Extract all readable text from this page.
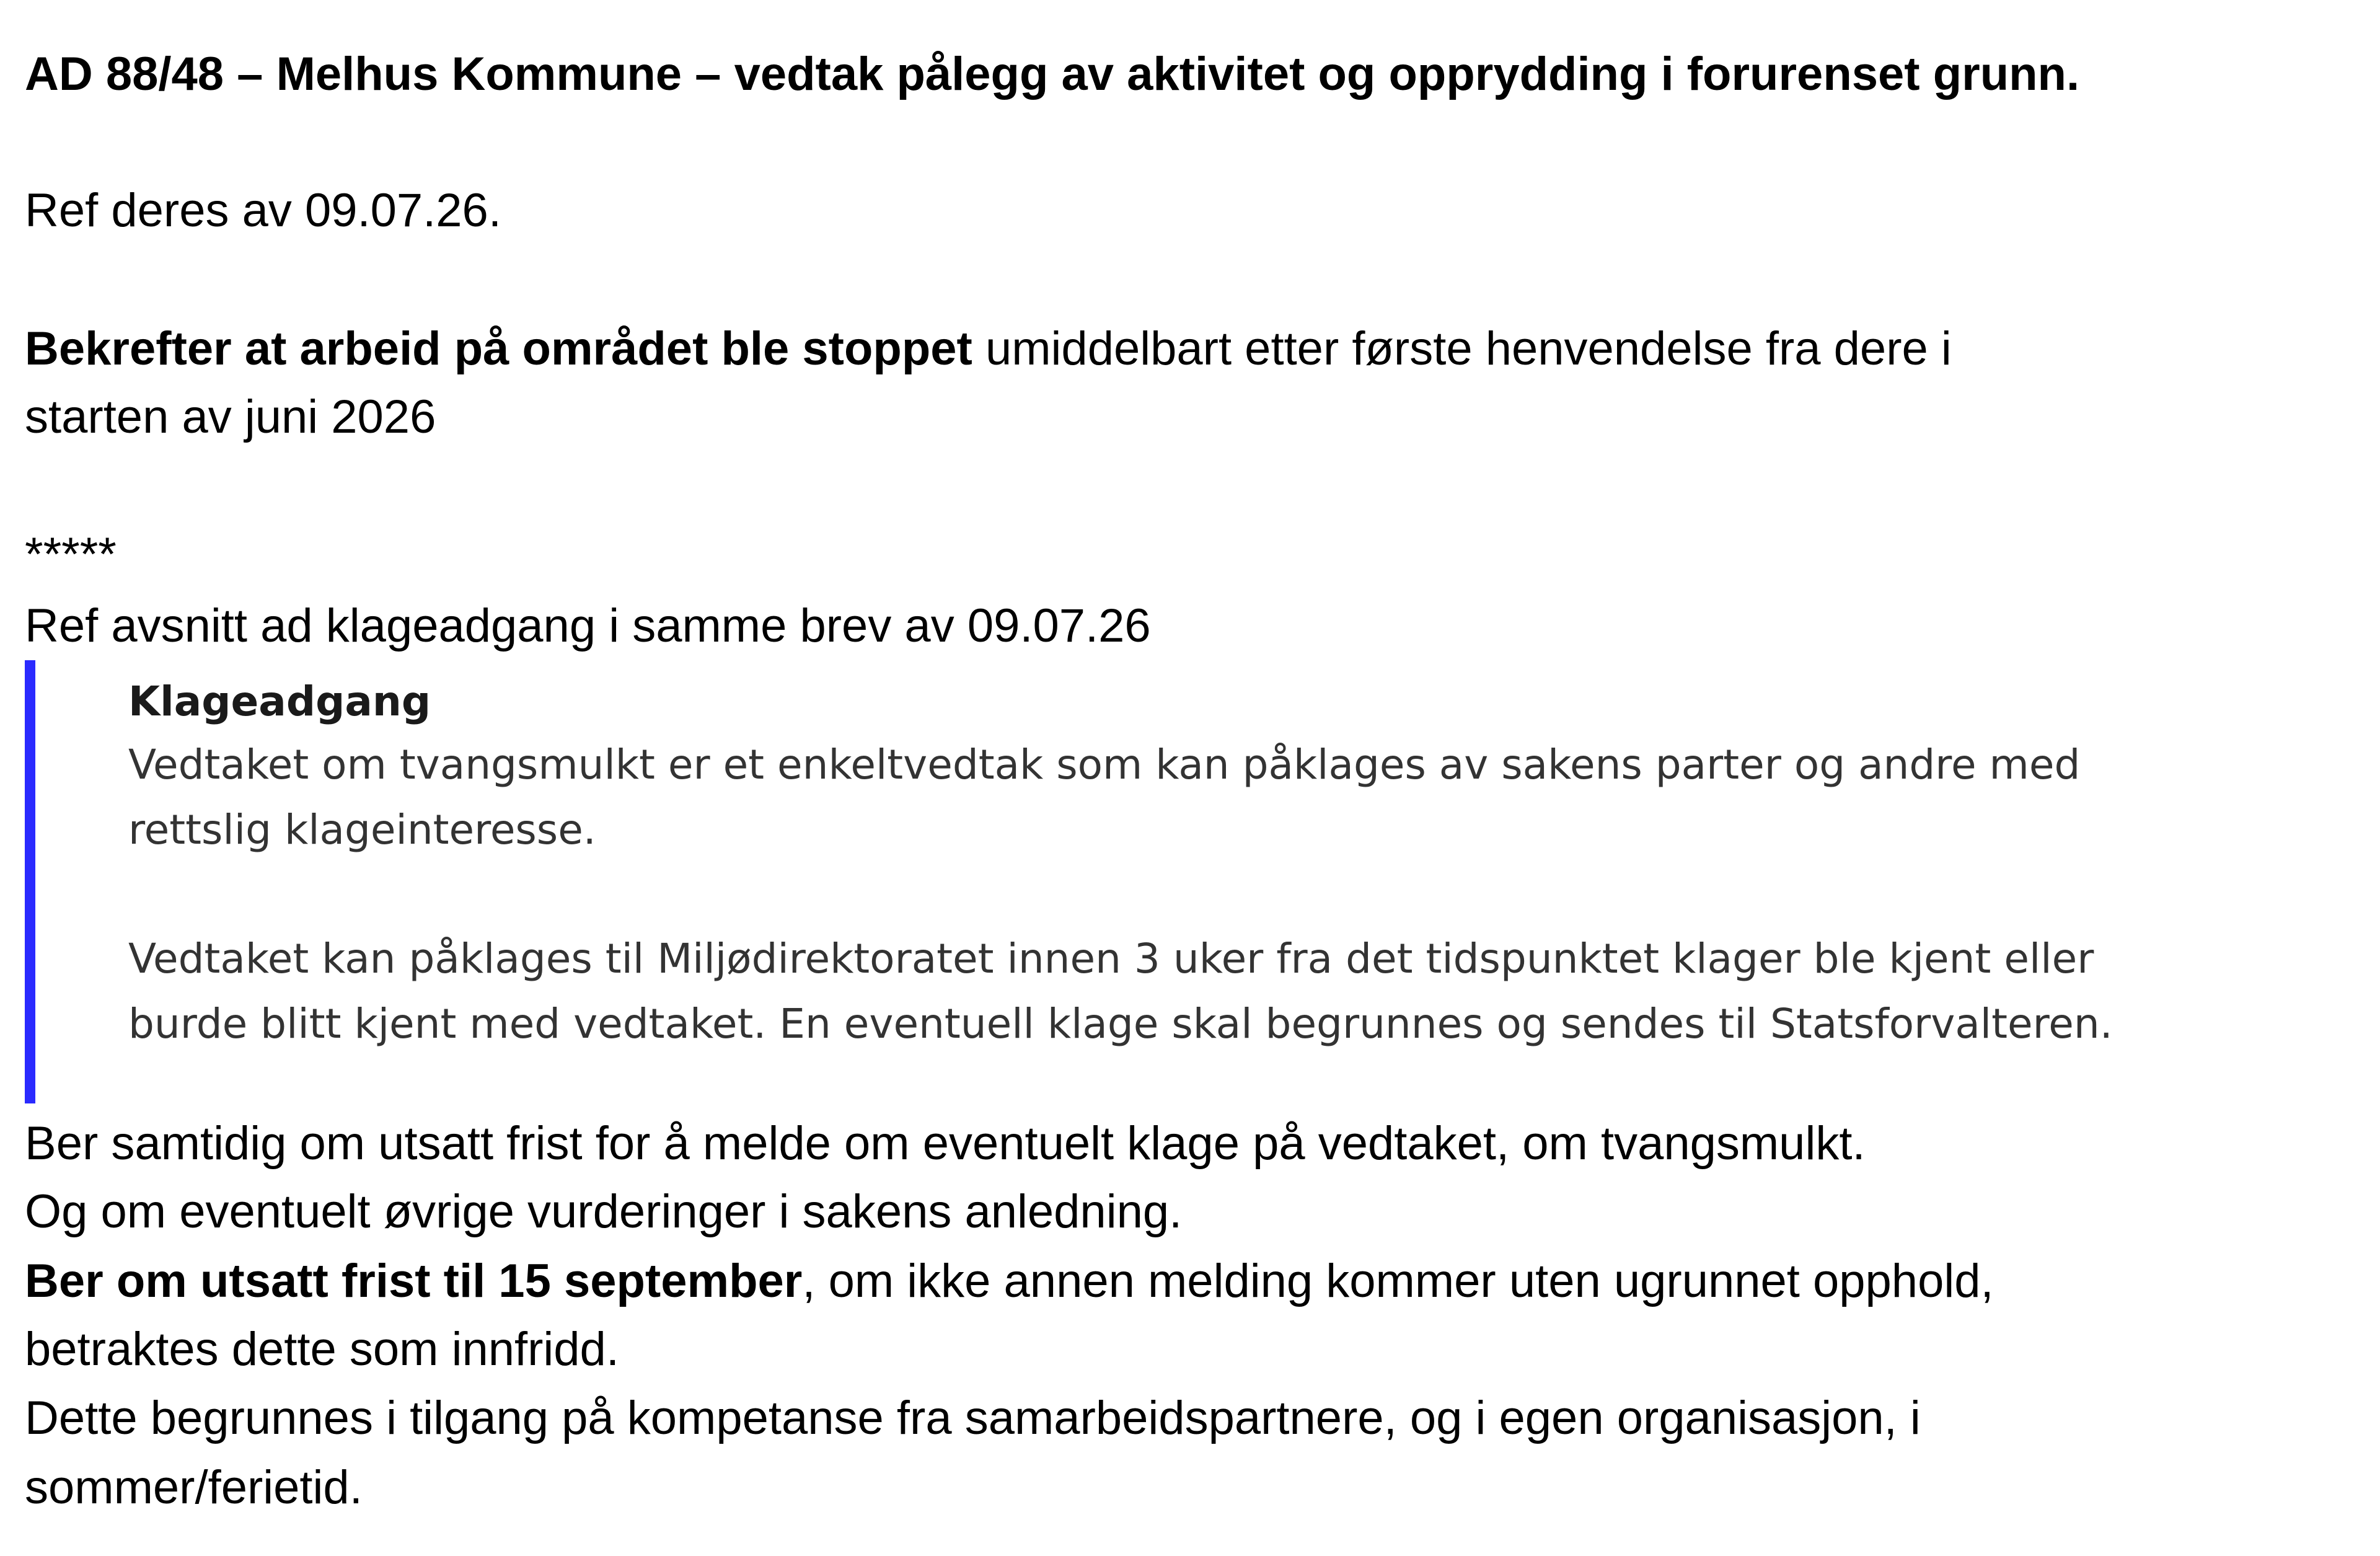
AD 88/48 – Melhus Kommune – vedtak pålegg av aktivitet og opprydding i forurenset grunn.
Ref deres av 09.07.26.
Bekrefter at arbeid på området ble stoppet umiddelbart etter første henvendelse fra dere i
starten av juni 2026
*****
Ref avsnitt ad klageadgang i samme brev av 09.07.26
Klageadgang
Vedtaket om tvangsmulkt er et enkeltvedtak som kan påklages av sakens parter og andre med
rettslig klageinteresse.
Vedtaket kan påklages til Miljødirektoratet innen 3 uker fra det tidspunktet klager ble kjent eller
burde blitt kjent med vedtaket. En eventuell klage skal begrunnes og sendes til Statsforvalteren.
Ber samtidig om utsatt frist for å melde om eventuelt klage på vedtaket, om tvangsmulkt.
Og om eventuelt øvrige vurderinger i sakens anledning.
Ber om utsatt frist til 15 september, om ikke annen melding kommer uten ugrunnet opphold,
betraktes dette som innfridd.
Dette begrunnes i tilgang på kompetanse fra samarbeidspartnere, og i egen organisasjon, i
sommer/ferietid.
